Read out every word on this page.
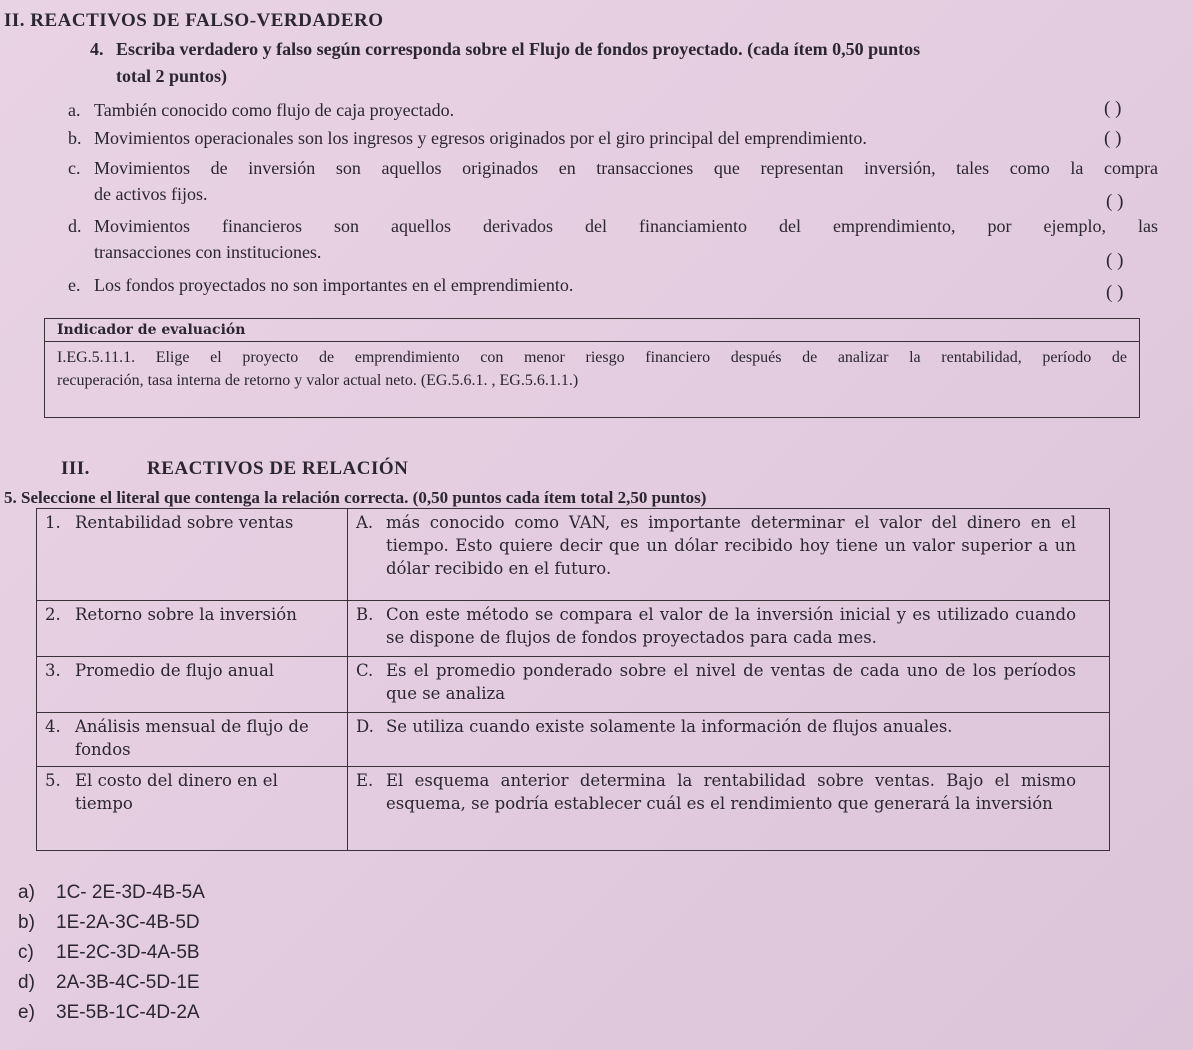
II. REACTIVOS DE FALSO-VERDADERO
4. Escriba verdadero y falso según corresponda sobre el Flujo de fondos proyectado. (cada ítem 0,50 puntos
total 2 puntos)
a. También conocido como flujo de caja proyectado.	( )
b. Movimientos operacionales son los ingresos y egresos originados por el giro principal del emprendimiento.	( )
c. Movimientos de inversión son aquellos originados en transacciones que representan inversión, tales como la compra
de activos fijos.	( )
d. Movimientos financieros son aquellos derivados del financiamiento del emprendimiento, por ejemplo, las
transacciones con instituciones.	( )
e. Los fondos proyectados no son importantes en el emprendimiento.	( )
Indicador de evaluación
I.EG.5.11.1. Elige el proyecto de emprendimiento con menor riesgo financiero después de analizar la rentabilidad, período de
recuperación, tasa interna de retorno y valor actual neto. (EG.5.6.1. , EG.5.6.1.1.)
III.	REACTIVOS DE RELACIÓN
5. Seleccione el literal que contenga la relación correcta. (0,50 puntos cada ítem total 2,50 puntos)
1. Rentabilidad sobre ventas	A. más conocido como VAN, es importante determinar el valor del dinero en el tiempo. Esto quiere decir que un dólar recibido hoy tiene un valor superior a un dólar recibido en el futuro.
2. Retorno sobre la inversión	B. Con este método se compara el valor de la inversión inicial y es utilizado cuando se dispone de flujos de fondos proyectados para cada mes.
3. Promedio de flujo anual	C. Es el promedio ponderado sobre el nivel de ventas de cada uno de los períodos que se analiza
4. Análisis mensual de flujo de fondos	D. Se utiliza cuando existe solamente la información de flujos anuales.
5. El costo del dinero en el tiempo	E. El esquema anterior determina la rentabilidad sobre ventas. Bajo el mismo esquema, se podría establecer cuál es el rendimiento que generará la inversión
a) 1C- 2E-3D-4B-5A
b) 1E-2A-3C-4B-5D
c) 1E-2C-3D-4A-5B
d) 2A-3B-4C-5D-1E
e) 3E-5B-1C-4D-2A
